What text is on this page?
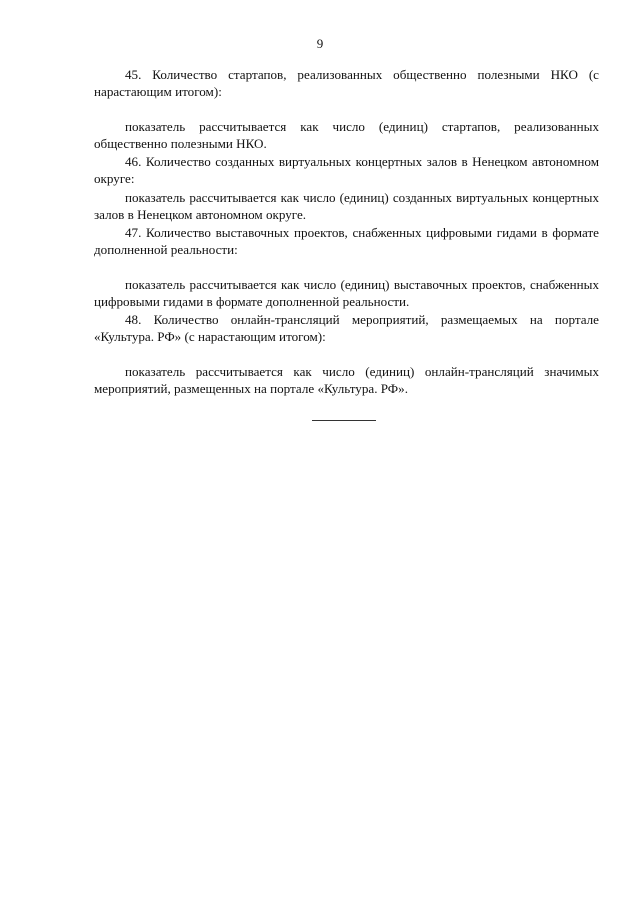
9

45. Количество стартапов, реализованных общественно полезными НКО (с нарастающим итогом):

показатель рассчитывается как число (единиц) стартапов, реализованных общественно полезными НКО.

46. Количество созданных виртуальных концертных залов в Ненецком автономном округе:

показатель рассчитывается как число (единиц) созданных виртуальных концертных залов в Ненецком автономном округе.

47. Количество выставочных проектов, снабженных цифровыми гидами в формате дополненной реальности:

показатель рассчитывается как число (единиц) выставочных проектов, снабженных цифровыми гидами в формате дополненной реальности.

48. Количество онлайн-трансляций мероприятий, размещаемых на портале «Культура. РФ» (с нарастающим итогом):

показатель рассчитывается как число (единиц) онлайн-трансляций значимых мероприятий, размещенных на портале «Культура. РФ».
